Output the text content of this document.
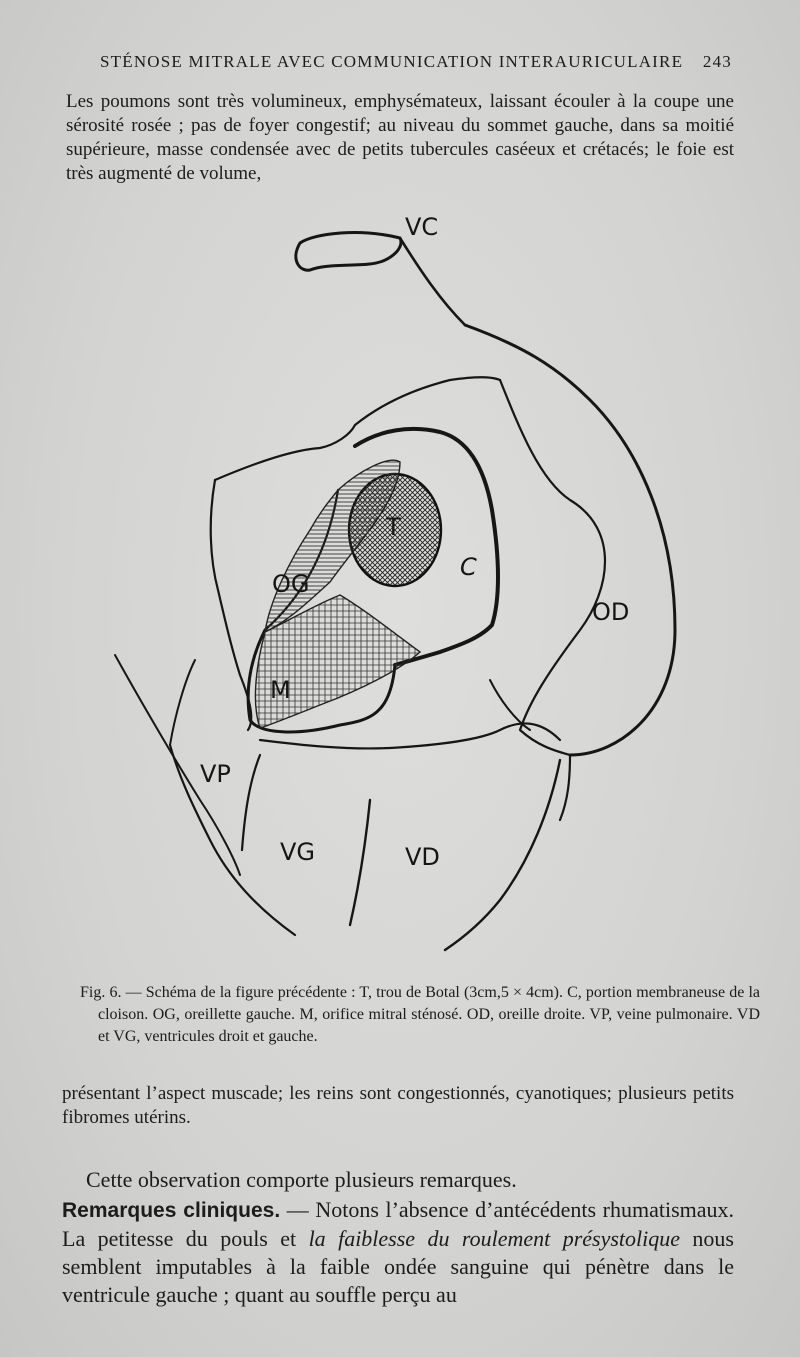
STÉNOSE MITRALE AVEC COMMUNICATION INTERAURICULAIRE 243

Les poumons sont très volumineux, emphysémateux, laissant écouler à la coupe une sérosité rosée ; pas de foyer congestif; au niveau du sommet gauche, dans sa moitié supérieure, masse condensée avec de petits tubercules caséeux et crétacés; le foie est très augmenté de volume,

VC
T
C
OG
M
OD
VP
VG	VD

Fig. 6. — Schéma de la figure précédente : T, trou de Botal (3cm,5 × 4cm). C, portion membraneuse de la cloison. OG, oreillette gauche. M, orifice mitral sténosé. OD, oreille droite. VP, veine pulmonaire. VD et VG, ventricules droit et gauche.

présentant l’aspect muscade; les reins sont congestionnés, cyanotiques; plusieurs petits fibromes utérins.

Cette observation comporte plusieurs remarques.

Remarques cliniques. — Notons l’absence d’antécédents rhumatismaux. La petitesse du pouls et la faiblesse du roulement présystolique nous semblent imputables à la faible ondée sanguine qui pénètre dans le ventricule gauche ; quant au souffle perçu au
